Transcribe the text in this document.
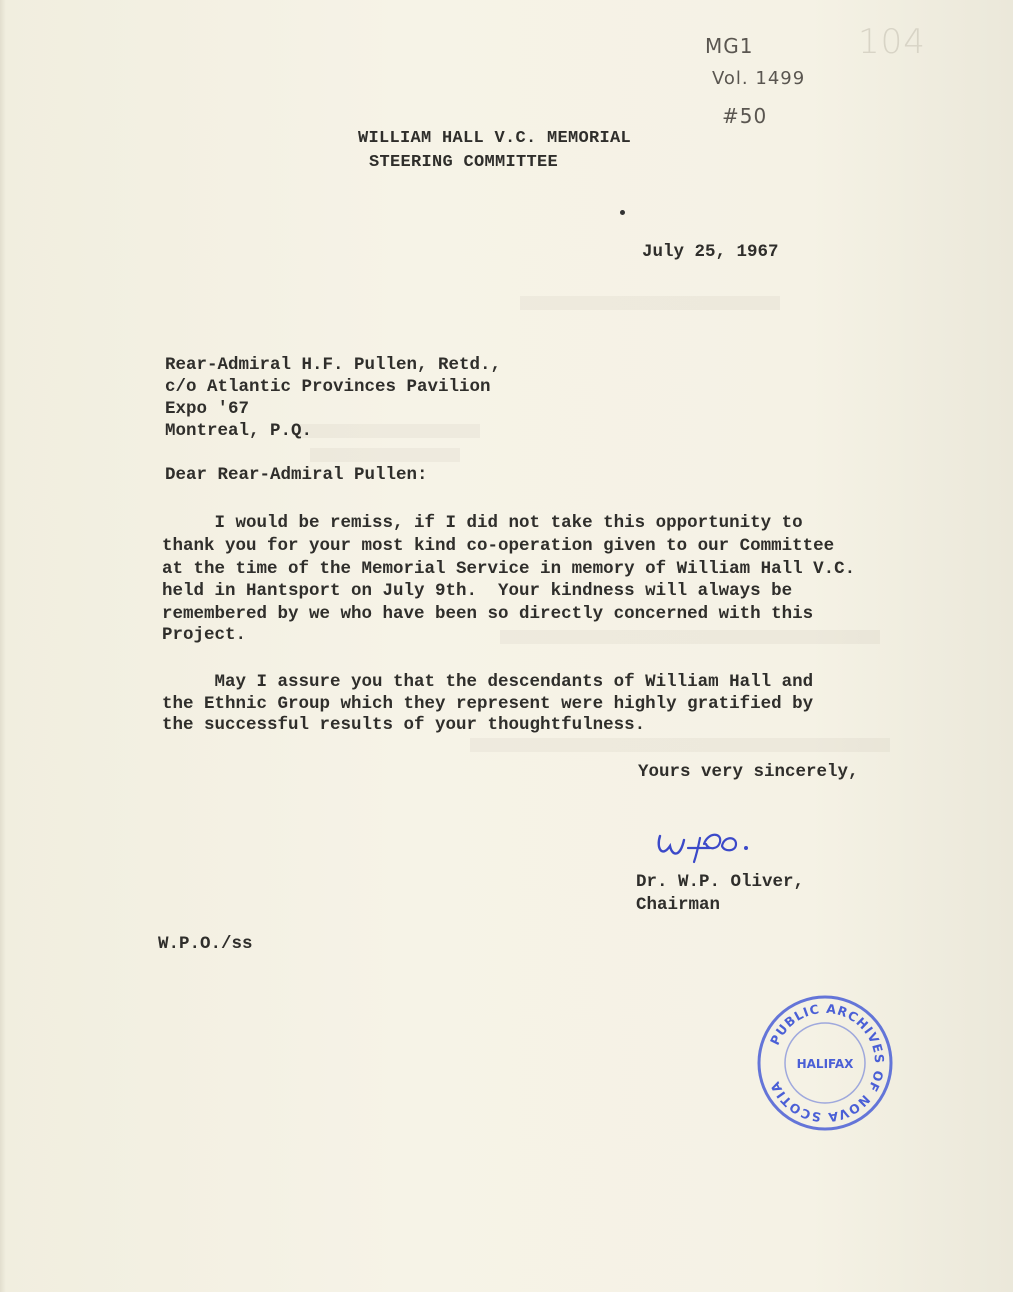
MG1
Vol. 1499
#50
104
WILLIAM HALL V.C. MEMORIAL
STEERING COMMITTEE
July 25, 1967
Rear-Admiral H.F. Pullen, Retd.,
c/o Atlantic Provinces Pavilion
Expo '67
Montreal, P.Q.
Dear Rear-Admiral Pullen:
I would be remiss, if I did not take this opportunity to
thank you for your most kind co-operation given to our Committee
at the time of the Memorial Service in memory of William Hall V.C.
held in Hantsport on July 9th.  Your kindness will always be
remembered by we who have been so directly concerned with this
Project.
May I assure you that the descendants of William Hall and
the Ethnic Group which they represent were highly gratified by
the successful results of your thoughtfulness.
Yours very sincerely,
Dr. W.P. Oliver,
Chairman
W.P.O./ss
PUBLIC ARCHIVES OF NOVA SCOTIA
HALIFAX
